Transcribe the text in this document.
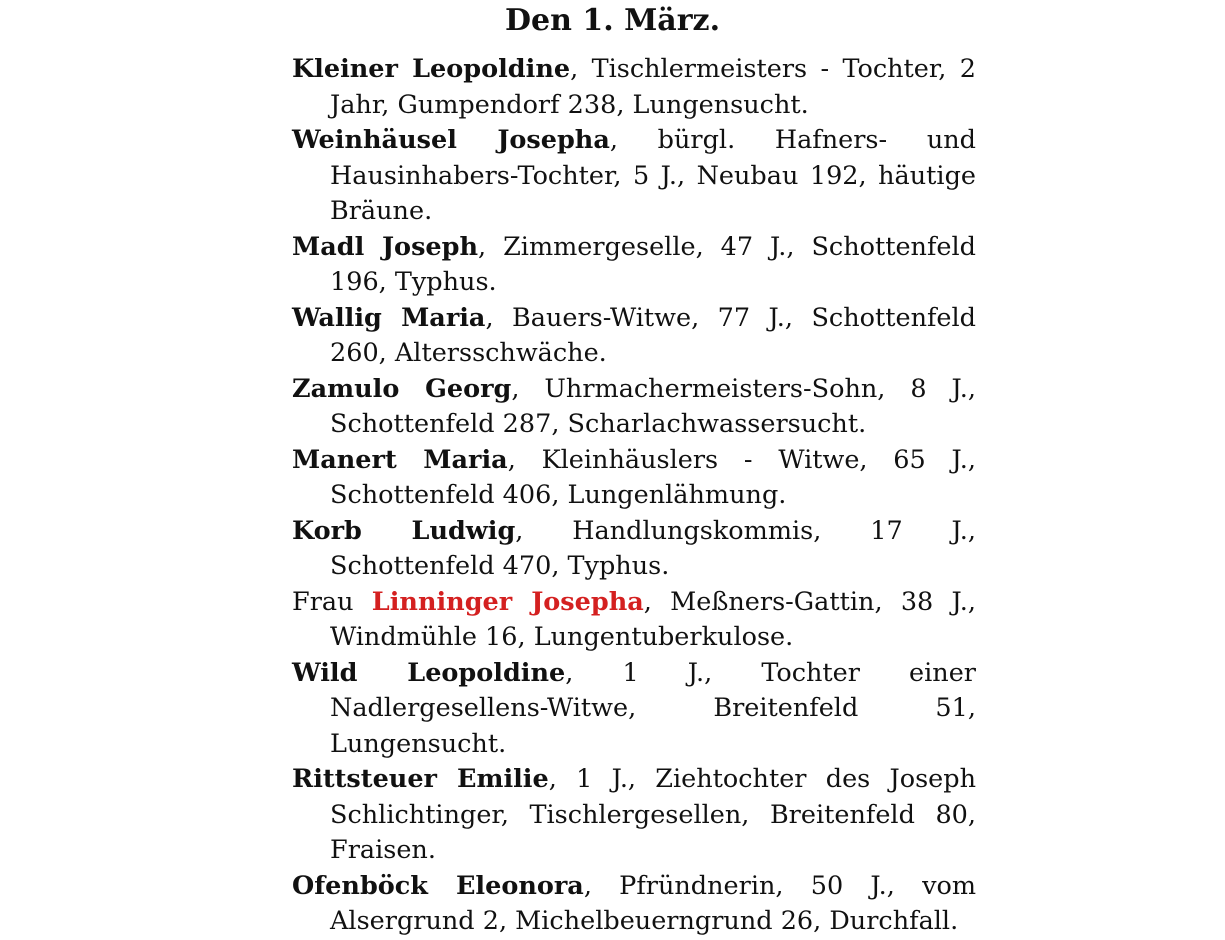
Den 1. März.

Kleiner Leopoldine, Tischlermeisters - Tochter, 2 Jahr, Gumpendorf 238, Lungensucht.

Weinhäusel Josepha, bürgl. Hafners- und Hausinhabers-Tochter, 5 J., Neubau 192, häutige Bräune.

Madl Joseph, Zimmergeselle, 47 J., Schottenfeld 196, Typhus.

Wallig Maria, Bauers-Witwe, 77 J., Schottenfeld 260, Altersschwäche.

Zamulo Georg, Uhrmachermeisters-Sohn, 8 J., Schottenfeld 287, Scharlachwassersucht.

Manert Maria, Kleinhäuslers - Witwe, 65 J., Schottenfeld 406, Lungenlähmung.

Korb Ludwig, Handlungskommis, 17 J., Schottenfeld 470, Typhus.

Frau Linninger Josepha, Meßners-Gattin, 38 J., Windmühle 16, Lungentuberkulose.

Wild Leopoldine, 1 J., Tochter einer Nadlergesellens-Witwe, Breitenfeld 51, Lungensucht.

Rittsteuer Emilie, 1 J., Ziehtochter des Joseph Schlichtinger, Tischlergesellen, Breitenfeld 80, Fraisen.

Ofenböck Eleonora, Pfründnerin, 50 J., vom Alsergrund 2, Michelbeuerngrund 26, Durchfall.
